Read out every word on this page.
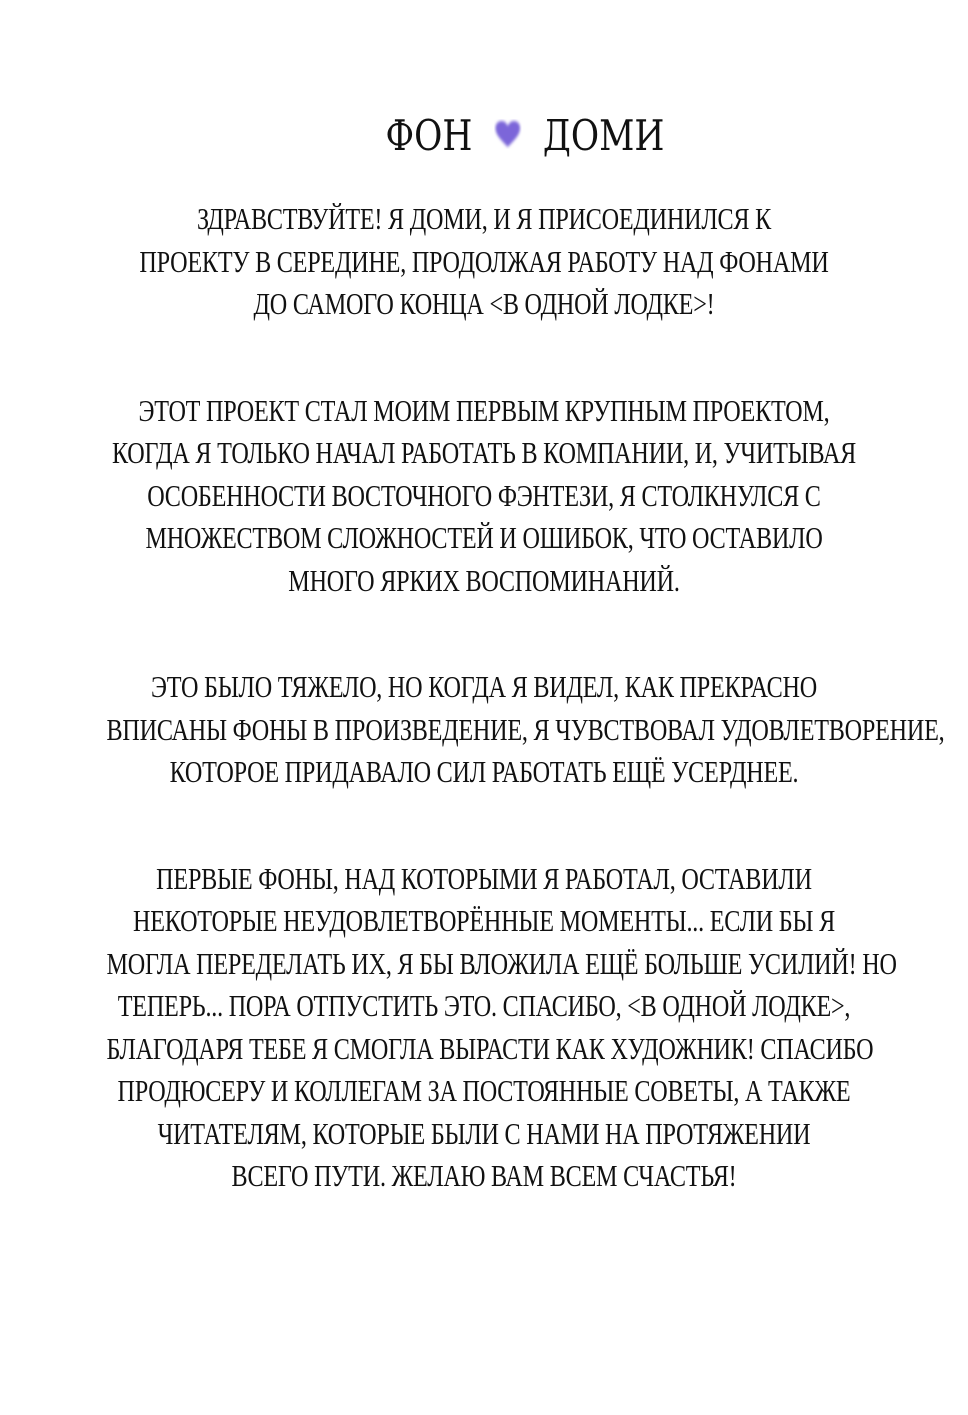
ФОН ДОМИ
ЗДРАВСТВУЙТЕ! Я ДОМИ, И Я ПРИСОЕДИНИЛСЯ К
ПРОЕКТУ В СЕРЕДИНЕ, ПРОДОЛЖАЯ РАБОТУ НАД ФОНАМИ
ДО САМОГО КОНЦА <В ОДНОЙ ЛОДКЕ>!
ЭТОТ ПРОЕКТ СТАЛ МОИМ ПЕРВЫМ КРУПНЫМ ПРОЕКТОМ,
КОГДА Я ТОЛЬКО НАЧАЛ РАБОТАТЬ В КОМПАНИИ, И, УЧИТЫВАЯ
ОСОБЕННОСТИ ВОСТОЧНОГО ФЭНТЕЗИ, Я СТОЛКНУЛСЯ С
МНОЖЕСТВОМ СЛОЖНОСТЕЙ И ОШИБОК, ЧТО ОСТАВИЛО
МНОГО ЯРКИХ ВОСПОМИНАНИЙ.
ЭТО БЫЛО ТЯЖЕЛО, НО КОГДА Я ВИДЕЛ, КАК ПРЕКРАСНО
ВПИСАНЫ ФОНЫ В ПРОИЗВЕДЕНИЕ, Я ЧУВСТВОВАЛ УДОВЛЕТВОРЕНИЕ,
КОТОРОЕ ПРИДАВАЛО СИЛ РАБОТАТЬ ЕЩЁ УСЕРДНЕЕ.
ПЕРВЫЕ ФОНЫ, НАД КОТОРЫМИ Я РАБОТАЛ, ОСТАВИЛИ
НЕКОТОРЫЕ НЕУДОВЛЕТВОРЁННЫЕ МОМЕНТЫ... ЕСЛИ БЫ Я
МОГЛА ПЕРЕДЕЛАТЬ ИХ, Я БЫ ВЛОЖИЛА ЕЩЁ БОЛЬШЕ УСИЛИЙ! НО
ТЕПЕРЬ... ПОРА ОТПУСТИТЬ ЭТО. СПАСИБО, <В ОДНОЙ ЛОДКЕ>,
БЛАГОДАРЯ ТЕБЕ Я СМОГЛА ВЫРАСТИ КАК ХУДОЖНИК! СПАСИБО
ПРОДЮСЕРУ И КОЛЛЕГАМ ЗА ПОСТОЯННЫЕ СОВЕТЫ, А ТАКЖЕ
ЧИТАТЕЛЯМ, КОТОРЫЕ БЫЛИ С НАМИ НА ПРОТЯЖЕНИИ
ВСЕГО ПУТИ. ЖЕЛАЮ ВАМ ВСЕМ СЧАСТЬЯ!
